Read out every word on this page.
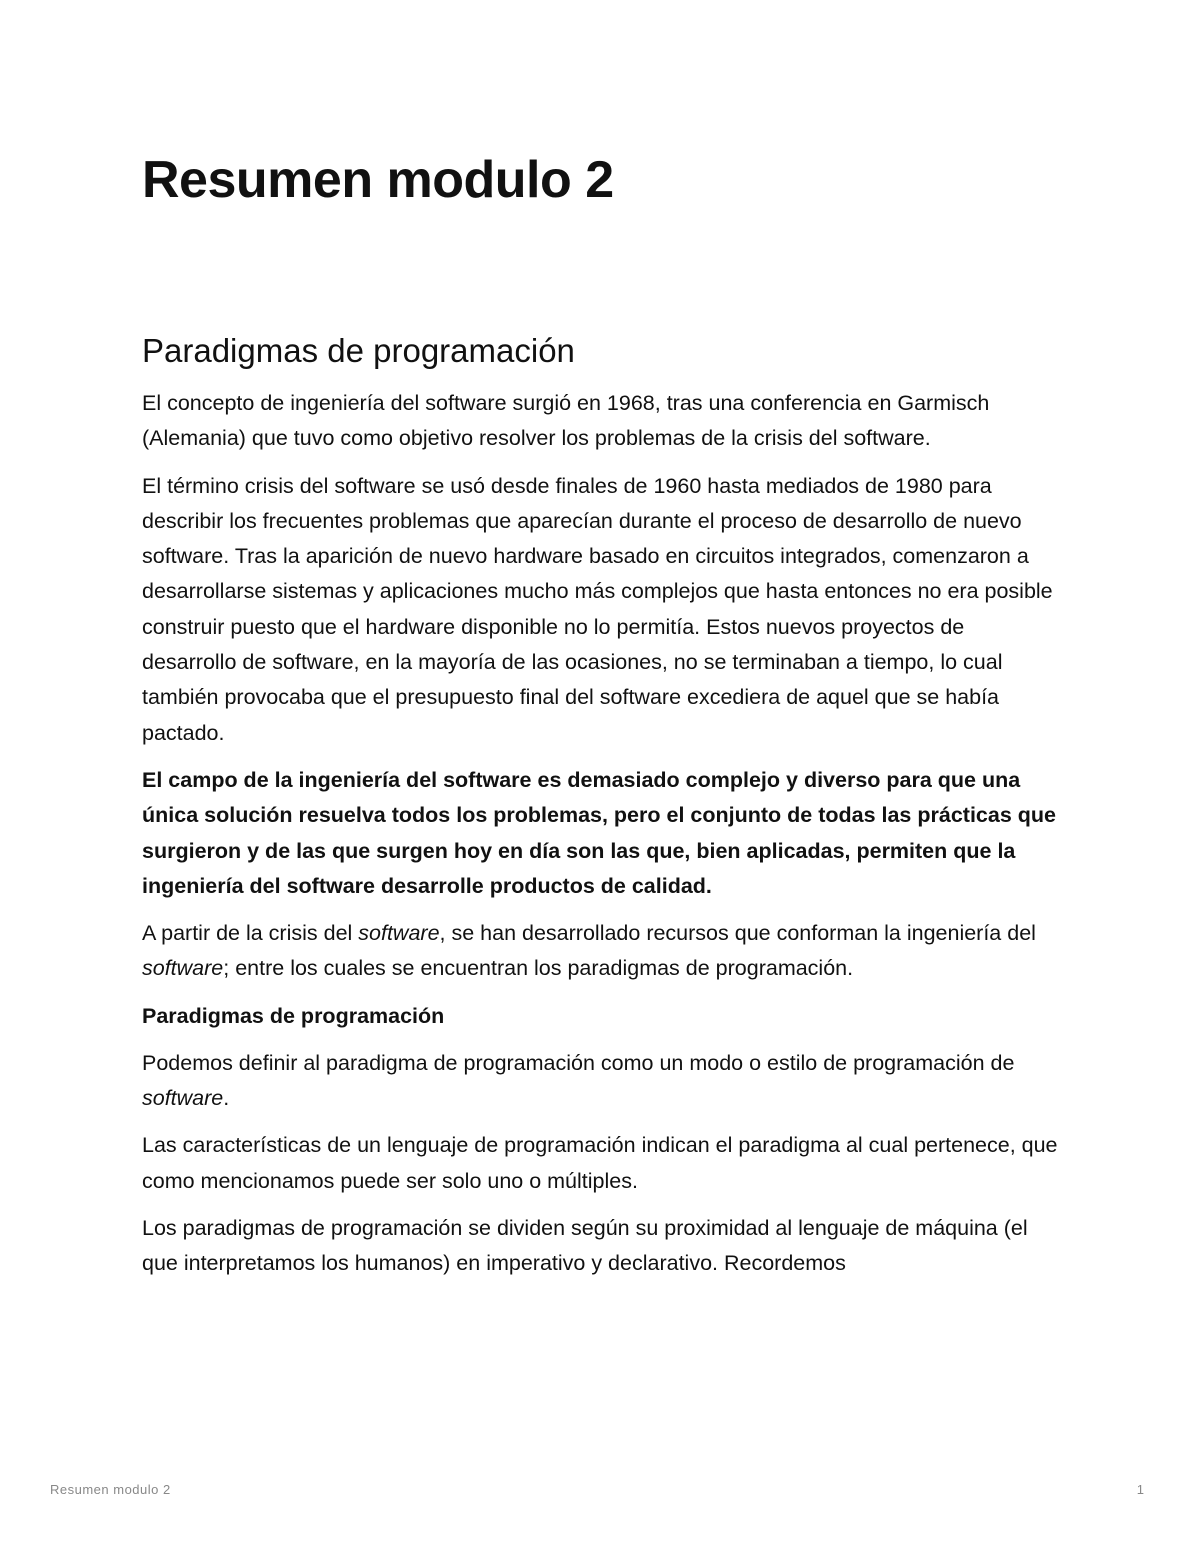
Resumen modulo 2
Paradigmas de programación

El concepto de ingeniería del software surgió en 1968, tras una conferencia en Garmisch (Alemania) que tuvo como objetivo resolver los problemas de la crisis del software.

El término crisis del software se usó desde finales de 1960 hasta mediados de 1980 para describir los frecuentes problemas que aparecían durante el proceso de desarrollo de nuevo software. Tras la aparición de nuevo hardware basado en circuitos integrados, comenzaron a desarrollarse sistemas y aplicaciones mucho más complejos que hasta entonces no era posible construir puesto que el hardware disponible no lo permitía. Estos nuevos proyectos de desarrollo de software, en la mayoría de las ocasiones, no se terminaban a tiempo, lo cual también provocaba que el presupuesto final del software excediera de aquel que se había pactado.

El campo de la ingeniería del software es demasiado complejo y diverso para que una única solución resuelva todos los problemas, pero el conjunto de todas las prácticas que surgieron y de las que surgen hoy en día son las que, bien aplicadas, permiten que la ingeniería del software desarrolle productos de calidad.

A partir de la crisis del software, se han desarrollado recursos que conforman la ingeniería del software; entre los cuales se encuentran los paradigmas de programación.

Paradigmas de programación

Podemos definir al paradigma de programación como un modo o estilo de programación de software.

Las características de un lenguaje de programación indican el paradigma al cual pertenece, que como mencionamos puede ser solo uno o múltiples.

Los paradigmas de programación se dividen según su proximidad al lenguaje de máquina (el que interpretamos los humanos) en imperativo y declarativo. Recordemos

Resumen modulo 2	1
